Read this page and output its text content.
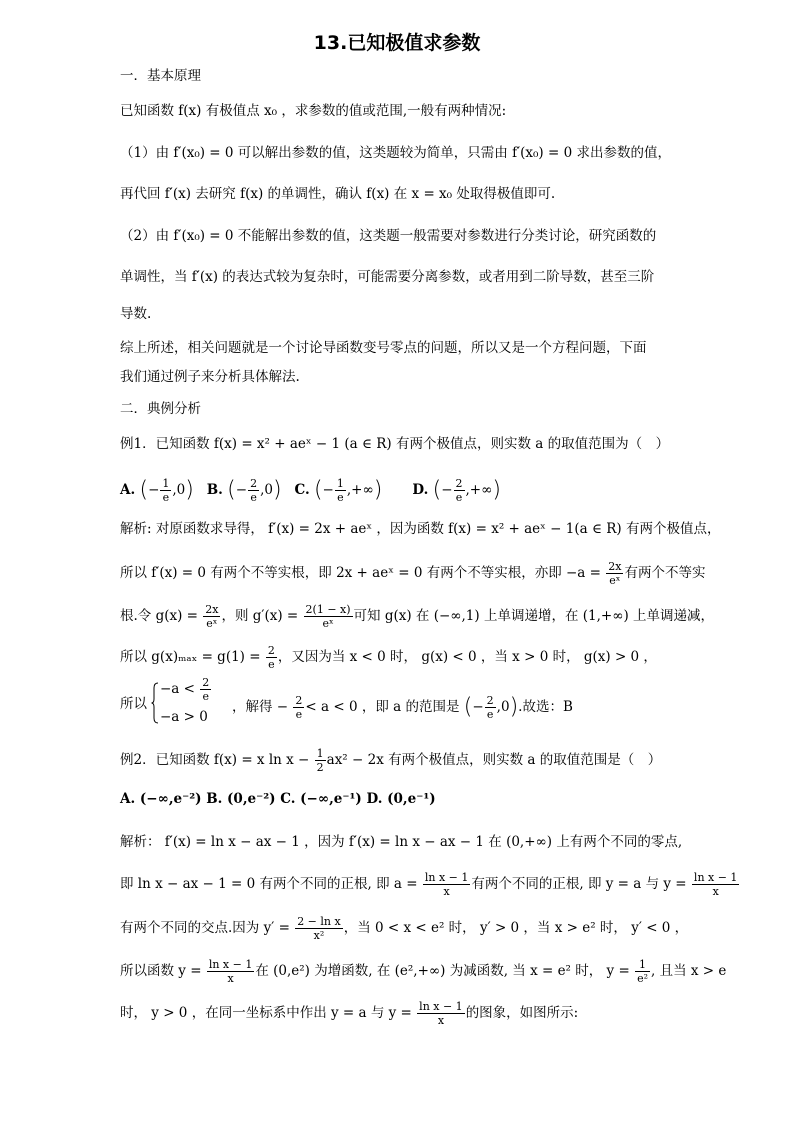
13.已知极值求参数
一．基本原理
已知函数 f(x) 有极值点 x₀ ，求参数的值或范围,一般有两种情况:
（1）由 f′(x₀) = 0 可以解出参数的值，这类题较为简单，只需由 f′(x₀) = 0 求出参数的值，
再代回 f′(x) 去研究 f(x) 的单调性，确认 f(x) 在 x = x₀ 处取得极值即可.
（2）由 f′(x₀) = 0 不能解出参数的值，这类题一般需要对参数进行分类讨论，研究函数的
单调性，当 f′(x) 的表达式较为复杂时，可能需要分离参数，或者用到二阶导数，甚至三阶
导数.
综上所述，相关问题就是一个讨论导函数变号零点的问题，所以又是一个方程问题，下面
我们通过例子来分析具体解法.
二．典例分析
例1．已知函数 f(x) = x² + aeˣ − 1 (a ∈ R) 有两个极值点，则实数 a 的取值范围为（　）
A. (− $\frac{1}{e} ,0$) B. (− $\frac{2}{e} ,0$) C. (− $\frac{1}{e}$ ,+∞) D. (− $\frac{2}{e}$ ,+∞)
解析: 对原函数求导得， f′(x) = 2x + aeˣ ，因为函数 f(x) = x² + aeˣ − 1(a ∈ R) 有两个极值点，
所以 f′(x) = 0 有两个不等实根，即 2x + aeˣ = 0 有两个不等实根，亦即 $-a = \frac{2x}{\text{eˣ}}$ 有两个不等实
根.令 $g(x) = \frac{2x}{\text{eˣ}}$ ，则 $g'(x) = \frac{2(1 - x)}{\text{eˣ}}$ 可知 g(x) 在 (−∞,1) 上单调递增，在 (1,+∞) 上单调递减，
所以 $g(x)_{max} = g(1) = \frac{2}{e}$ ，又因为当 x < 0 时， g(x) < 0 ，当 x > 0 时， g(x) > 0 ，
所以
$-a < \frac{2}{e}$
−a > 0
，解得 − $\frac{2}{e} < a < 0$ ，即 a 的范围是 (− $\frac{2}{e} ,0$).故选：B
例2．已知函数 f(x) = x $\ln x - \frac{1}{2} ax^2 - 2x$ 有两个极值点，则实数 a 的取值范围是（　）
A. (−∞,e⁻²) B. (0,e⁻²) C. (−∞,e⁻¹) D. (0,e⁻¹)
解析： f′(x) = ln x − ax − 1 ，因为 f′(x) = ln x − ax − 1 在 (0,+∞) 上有两个不同的零点,
即 ln x − ax − 1 = 0 有两个不同的正根, 即 $a = \frac{\text{ln x − 1}}{x}$ 有两个不同的正根, 即 y = a 与 $y = \frac{\text{ln x − 1}}{x}$
有两个不同的交点.因为 $y' = \frac{\text{2 − ln x}}{\text{x²}}$ ，当 0 < x < e² 时， y′ > 0 ，当 x > e² 时， y′ < 0 ，
所以函数 $y = \frac{\text{ln x − 1}}{x}$ 在 (0,e²) 为增函数, 在 (e²,+∞) 为减函数, 当 x = e² 时， $y = \frac{1}{\text{e²}}$ , 且当 x > e
时， y > 0 ，在同一坐标系中作出 y = a 与 $y = \frac{\text{ln x − 1}}{x}$ 的图象，如图所示:
